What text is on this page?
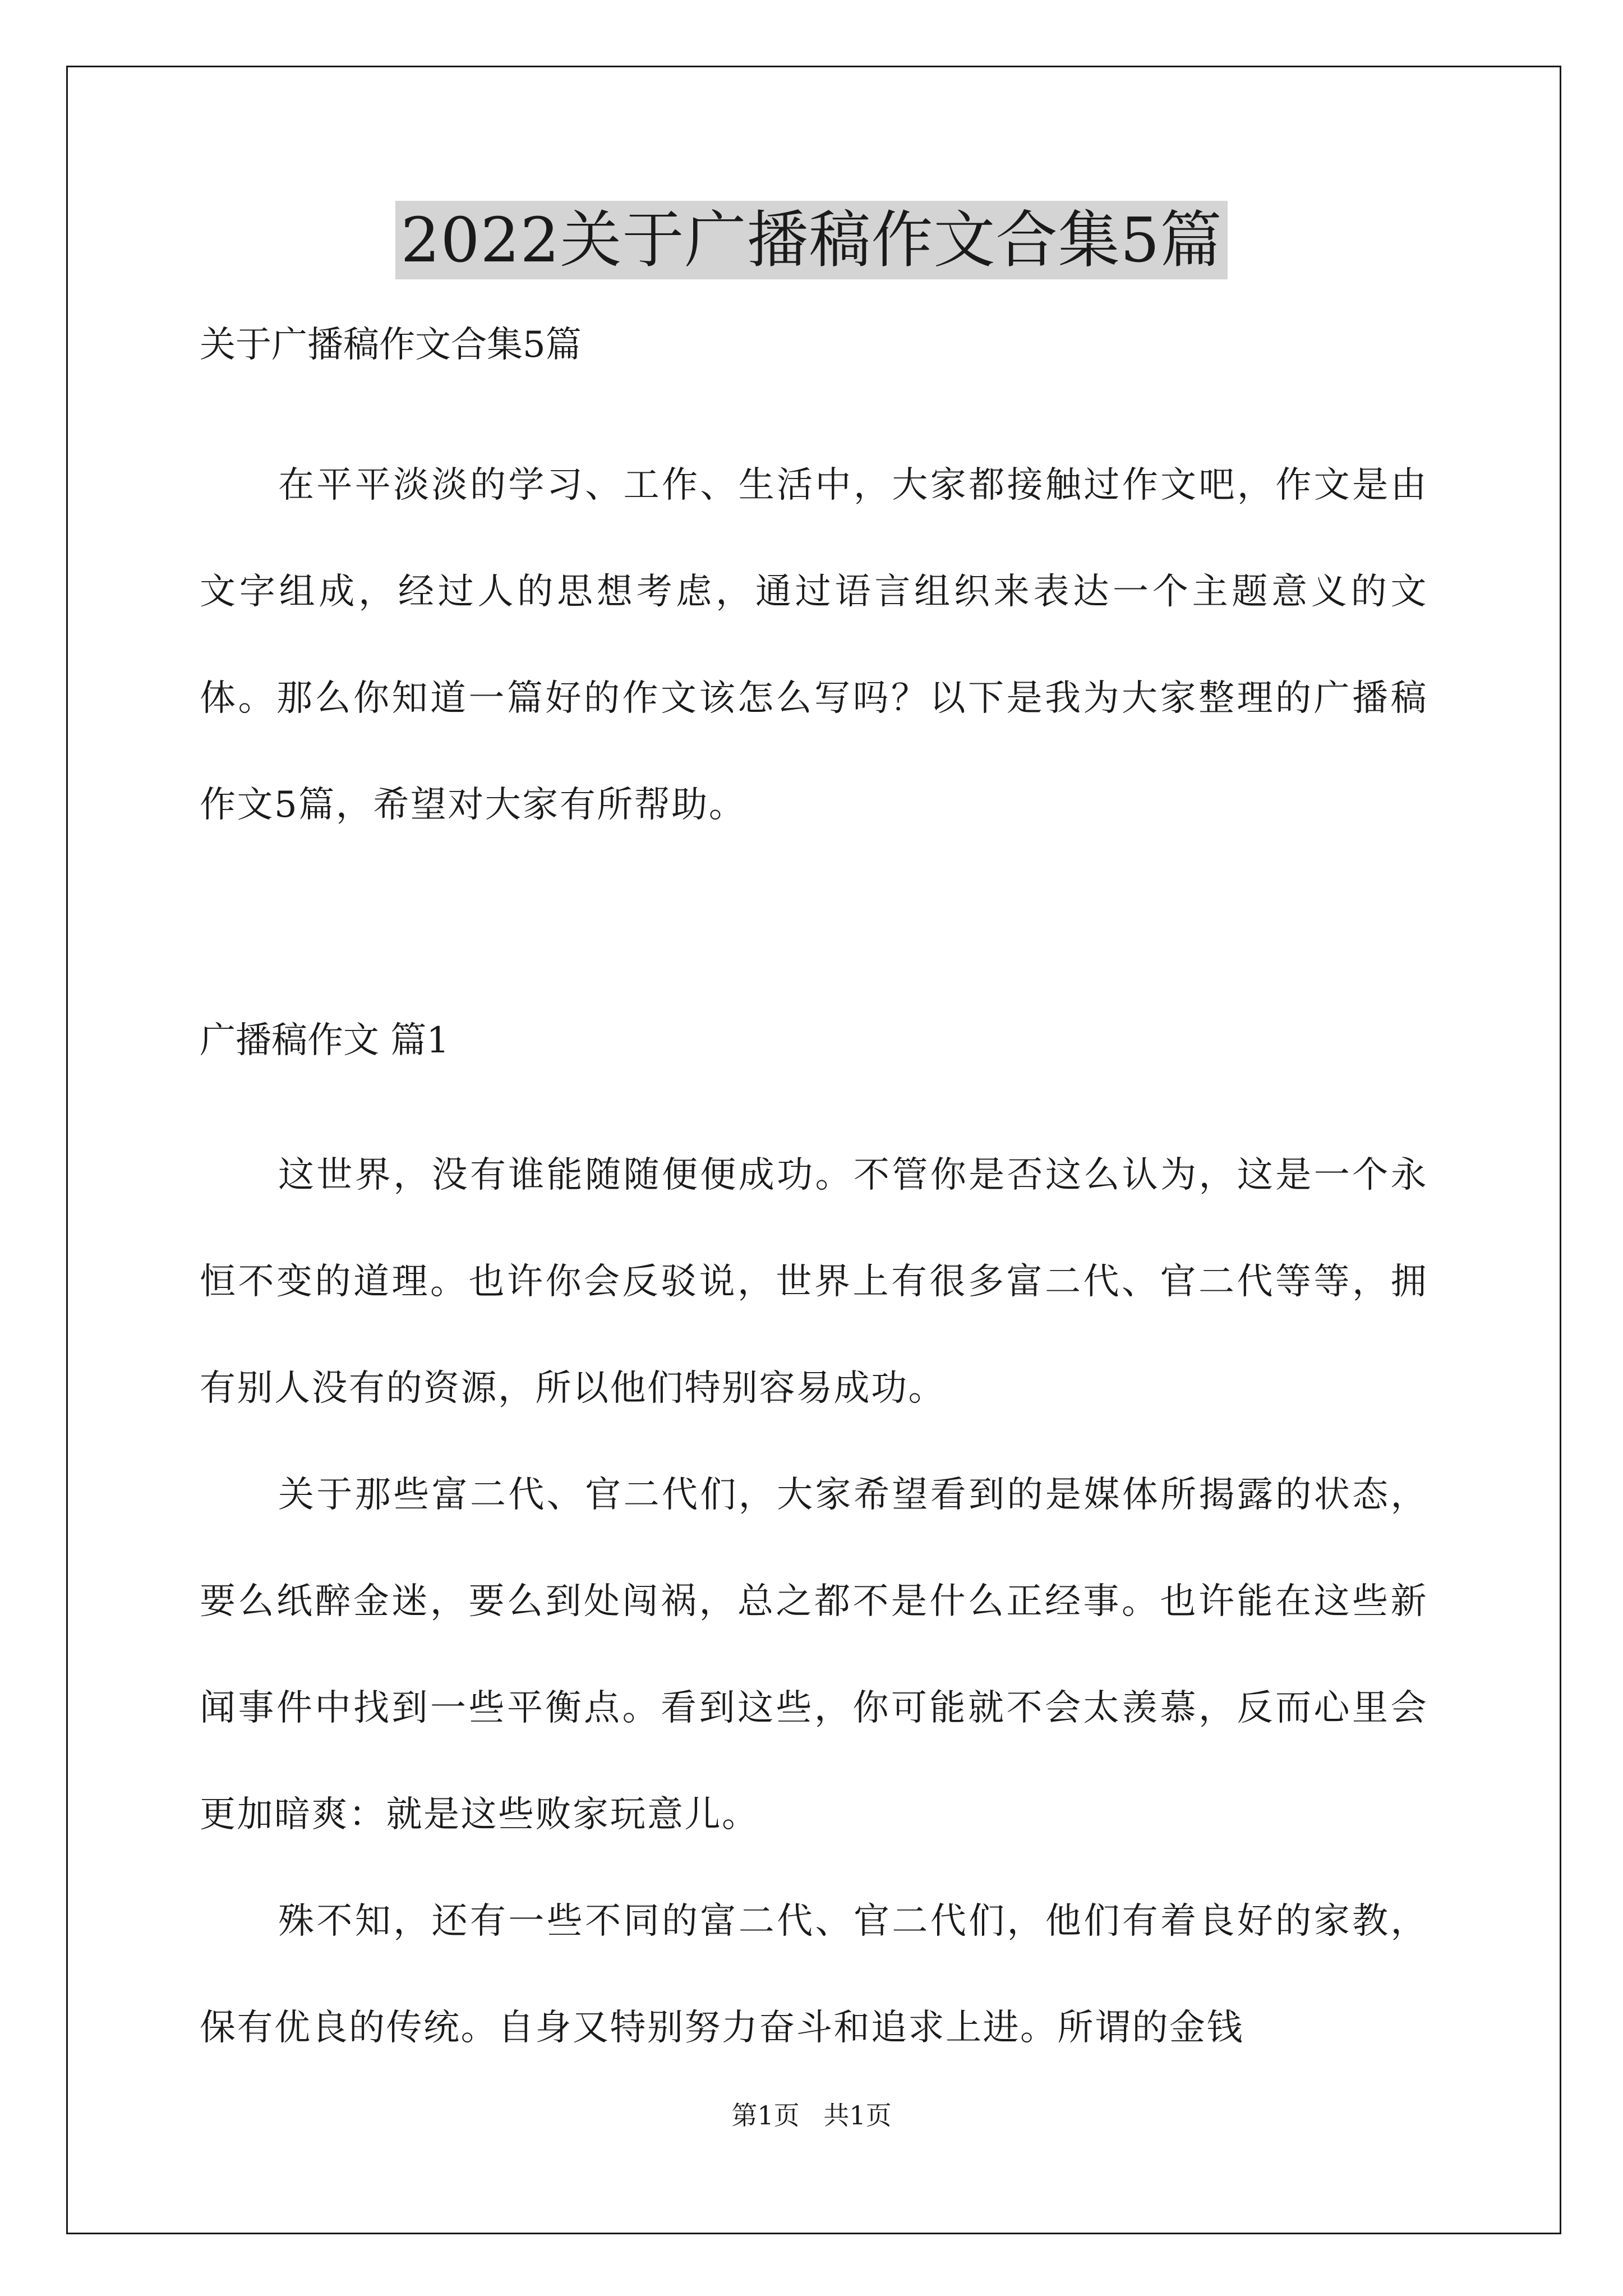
2022关于广播稿作文合集5篇

关于广播稿作文合集5篇

在平平淡淡的学习、工作、生活中，大家都接触过作文吧，作文是由文字组成，经过人的思想考虑，通过语言组织来表达一个主题意义的文体。那么你知道一篇好的作文该怎么写吗？以下是我为大家整理的广播稿作文5篇，希望对大家有所帮助。

广播稿作文 篇1

这世界，没有谁能随随便便成功。不管你是否这么认为，这是一个永恒不变的道理。也许你会反驳说，世界上有很多富二代、官二代等等，拥有别人没有的资源，所以他们特别容易成功。

关于那些富二代、官二代们，大家希望看到的是媒体所揭露的状态，要么纸醉金迷，要么到处闯祸，总之都不是什么正经事。也许能在这些新闻事件中找到一些平衡点。看到这些，你可能就不会太羡慕，反而心里会更加暗爽：就是这些败家玩意儿。

殊不知，还有一些不同的富二代、官二代们，他们有着良好的家教，保有优良的传统。自身又特别努力奋斗和追求上进。所谓的金钱

第1页 共1页
